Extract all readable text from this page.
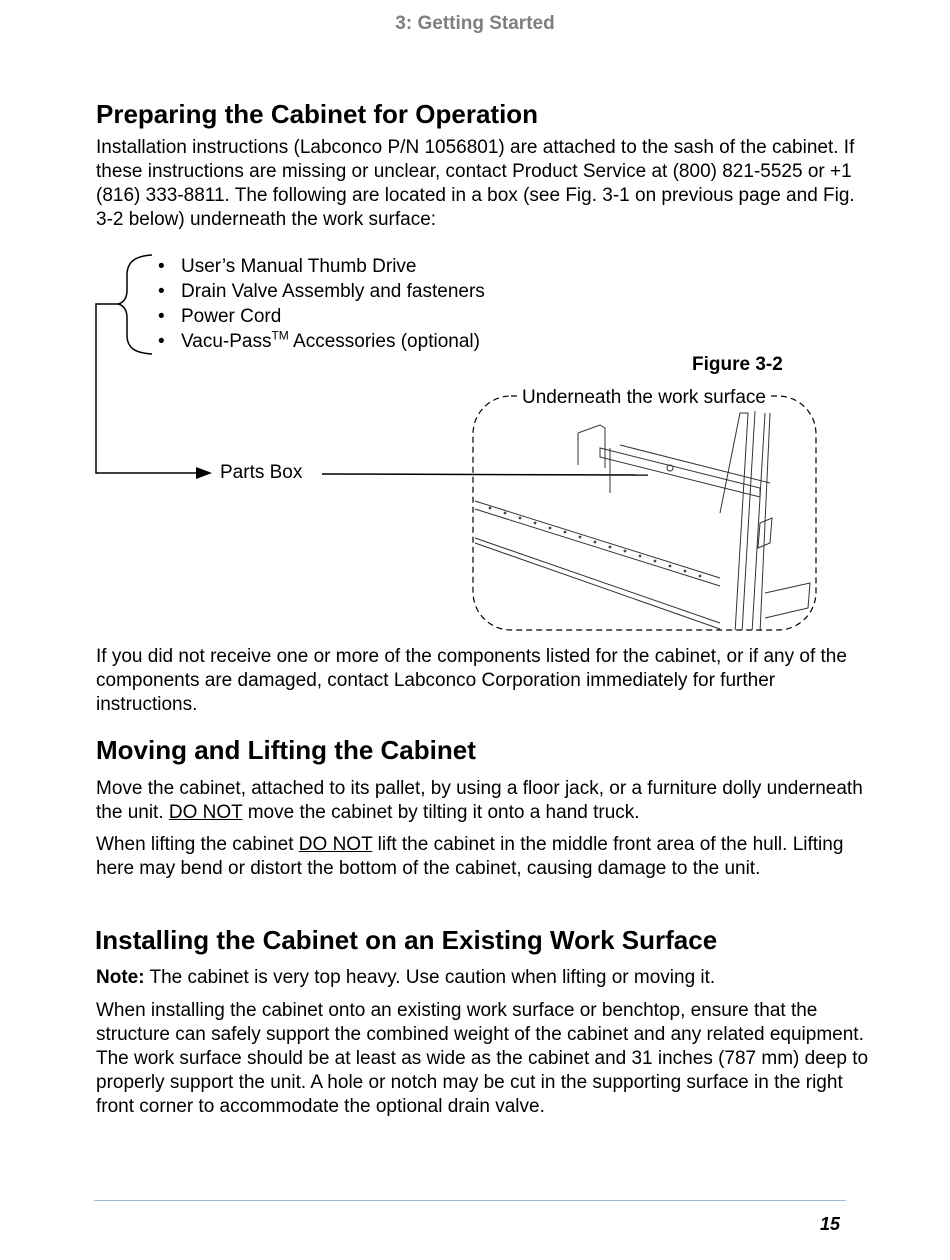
3: Getting Started
Preparing the Cabinet for Operation

Installation instructions (Labconco P/N 1056801) are attached to the sash of the cabinet. If these instructions are missing or unclear, contact Product Service at (800) 821-5525 or +1 (816) 333-8811. The following are located in a box (see Fig. 3-1 on previous page and Fig. 3-2 below) underneath the work surface:

• User’s Manual Thumb Drive
• Drain Valve Assembly and fasteners
• Power Cord
• Vacu-Pass™ Accessories (optional)
Figure 3-2
Underneath the work surface
Parts Box

If you did not receive one or more of the components listed for the cabinet, or if any of the components are damaged, contact Labconco Corporation immediately for further instructions.

Moving and Lifting the Cabinet

Move the cabinet, attached to its pallet, by using a floor jack, or a furniture dolly underneath the unit. DO NOT move the cabinet by tilting it onto a hand truck.

When lifting the cabinet DO NOT lift the cabinet in the middle front area of the hull. Lifting here may bend or distort the bottom of the cabinet, causing damage to the unit.

Installing the Cabinet on an Existing Work Surface

Note: The cabinet is very top heavy. Use caution when lifting or moving it.

When installing the cabinet onto an existing work surface or benchtop, ensure that the structure can safely support the combined weight of the cabinet and any related equipment. The work surface should be at least as wide as the cabinet and 31 inches (787 mm) deep to properly support the unit. A hole or notch may be cut in the supporting surface in the right front corner to accommodate the optional drain valve.

15
